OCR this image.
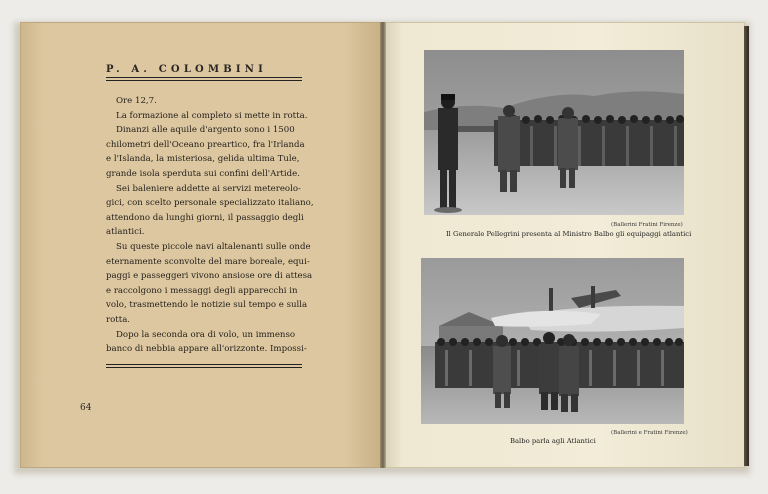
P. A. COLOMBINI
Ore 12,7.
La formazione al completo si mette in rotta.
Dinanzi alle aquile d'argento sono i 1500
chilometri dell'Oceano preartico, fra l'Irlanda
e l'Islanda, la misteriosa, gelida ultima Tule,
grande isola sperduta sui confini dell'Artide.
Sei baleniere addette ai servizi metereolo-
gici, con scelto personale specializzato italiano,
attendono da lunghi giorni, il passaggio degli
atlantici.
Su queste piccole navi altalenanti sulle onde
eternamente sconvolte del mare boreale, equi-
paggi e passeggeri vivono ansiose ore di attesa
e raccolgono i messaggi degli apparecchi in
volo, trasmettendo le notizie sul tempo e sulla
rotta.
Dopo la seconda ora di volo, un immenso
banco di nebbia appare all'orizzonte. Impossi-
64
(Ballerini Fratini Firenze)
Il Generale Pellegrini presenta al Ministro Balbo gli equipaggi atlantici
(Ballerini e Fratini Firenze)
Balbo parla agli Atlantici
